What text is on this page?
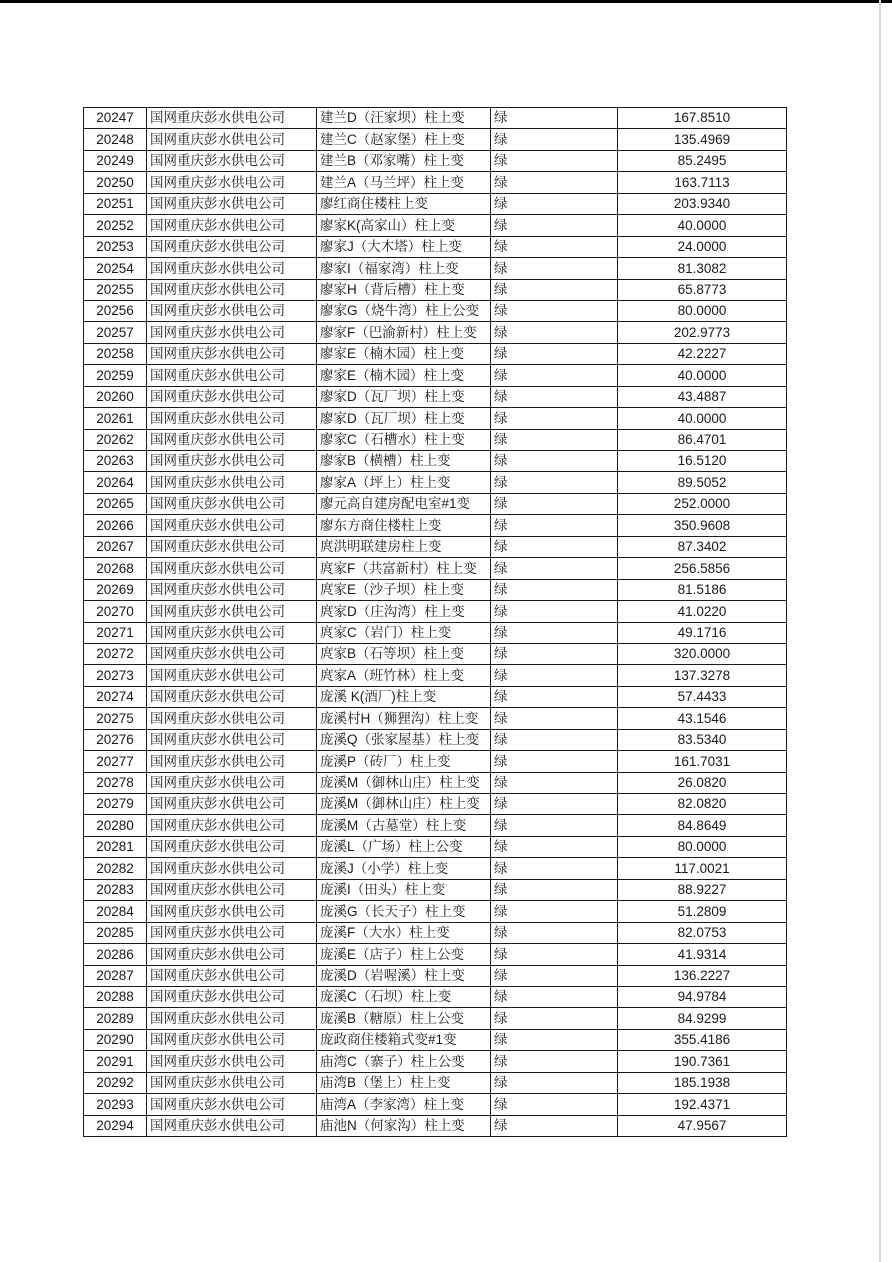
20247	国网重庆彭水供电公司	建兰D（汪家坝）柱上变	绿	167.8510
20248	国网重庆彭水供电公司	建兰C（赵家堡）柱上变	绿	135.4969
20249	国网重庆彭水供电公司	建兰B（邓家嘴）柱上变	绿	85.2495
20250	国网重庆彭水供电公司	建兰A（马兰坪）柱上变	绿	163.7113
20251	国网重庆彭水供电公司	廖红商住楼柱上变	绿	203.9340
20252	国网重庆彭水供电公司	廖家K(高家山）柱上变	绿	40.0000
20253	国网重庆彭水供电公司	廖家J（大木塔）柱上变	绿	24.0000
20254	国网重庆彭水供电公司	廖家I（福家湾）柱上变	绿	81.3082
20255	国网重庆彭水供电公司	廖家H（背后槽）柱上变	绿	65.8773
20256	国网重庆彭水供电公司	廖家G（烧牛湾）柱上公变	绿	80.0000
20257	国网重庆彭水供电公司	廖家F（巴渝新村）柱上变	绿	202.9773
20258	国网重庆彭水供电公司	廖家E（楠木园）柱上变	绿	42.2227
20259	国网重庆彭水供电公司	廖家E（楠木园）柱上变	绿	40.0000
20260	国网重庆彭水供电公司	廖家D（瓦厂坝）柱上变	绿	43.4887
20261	国网重庆彭水供电公司	廖家D（瓦厂坝）柱上变	绿	40.0000
20262	国网重庆彭水供电公司	廖家C（石槽水）柱上变	绿	86.4701
20263	国网重庆彭水供电公司	廖家B（横槽）柱上变	绿	16.5120
20264	国网重庆彭水供电公司	廖家A（坪上）柱上变	绿	89.5052
20265	国网重庆彭水供电公司	廖元高自建房配电室#1变	绿	252.0000
20266	国网重庆彭水供电公司	廖东方商住楼柱上变	绿	350.9608
20267	国网重庆彭水供电公司	庹洪明联建房柱上变	绿	87.3402
20268	国网重庆彭水供电公司	庹家F（共富新村）柱上变	绿	256.5856
20269	国网重庆彭水供电公司	庹家E（沙子坝）柱上变	绿	81.5186
20270	国网重庆彭水供电公司	庹家D（庄沟湾）柱上变	绿	41.0220
20271	国网重庆彭水供电公司	庹家C（岩门）柱上变	绿	49.1716
20272	国网重庆彭水供电公司	庹家B（石等坝）柱上变	绿	320.0000
20273	国网重庆彭水供电公司	庹家A（班竹林）柱上变	绿	137.3278
20274	国网重庆彭水供电公司	庞溪 K(酒厂)柱上变	绿	57.4433
20275	国网重庆彭水供电公司	庞溪村H（狮狸沟）柱上变	绿	43.1546
20276	国网重庆彭水供电公司	庞溪Q（张家屋基）柱上变	绿	83.5340
20277	国网重庆彭水供电公司	庞溪P（砖厂）柱上变	绿	161.7031
20278	国网重庆彭水供电公司	庞溪M（御林山庄）柱上变	绿	26.0820
20279	国网重庆彭水供电公司	庞溪M（御林山庄）柱上变	绿	82.0820
20280	国网重庆彭水供电公司	庞溪M（古墓堂）柱上变	绿	84.8649
20281	国网重庆彭水供电公司	庞溪L（广场）柱上公变	绿	80.0000
20282	国网重庆彭水供电公司	庞溪J（小学）柱上变	绿	117.0021
20283	国网重庆彭水供电公司	庞溪I（田头）柱上变	绿	88.9227
20284	国网重庆彭水供电公司	庞溪G（长天子）柱上变	绿	51.2809
20285	国网重庆彭水供电公司	庞溪F（大水）柱上变	绿	82.0753
20286	国网重庆彭水供电公司	庞溪E（店子）柱上公变	绿	41.9314
20287	国网重庆彭水供电公司	庞溪D（岩喔溪）柱上变	绿	136.2227
20288	国网重庆彭水供电公司	庞溪C（石坝）柱上变	绿	94.9784
20289	国网重庆彭水供电公司	庞溪B（糖原）柱上公变	绿	84.9299
20290	国网重庆彭水供电公司	庞政商住楼箱式变#1变	绿	355.4186
20291	国网重庆彭水供电公司	庙湾C（寨子）柱上公变	绿	190.7361
20292	国网重庆彭水供电公司	庙湾B（堡上）柱上变	绿	185.1938
20293	国网重庆彭水供电公司	庙湾A（李家湾）柱上变	绿	192.4371
20294	国网重庆彭水供电公司	庙池N（何家沟）柱上变	绿	47.9567
